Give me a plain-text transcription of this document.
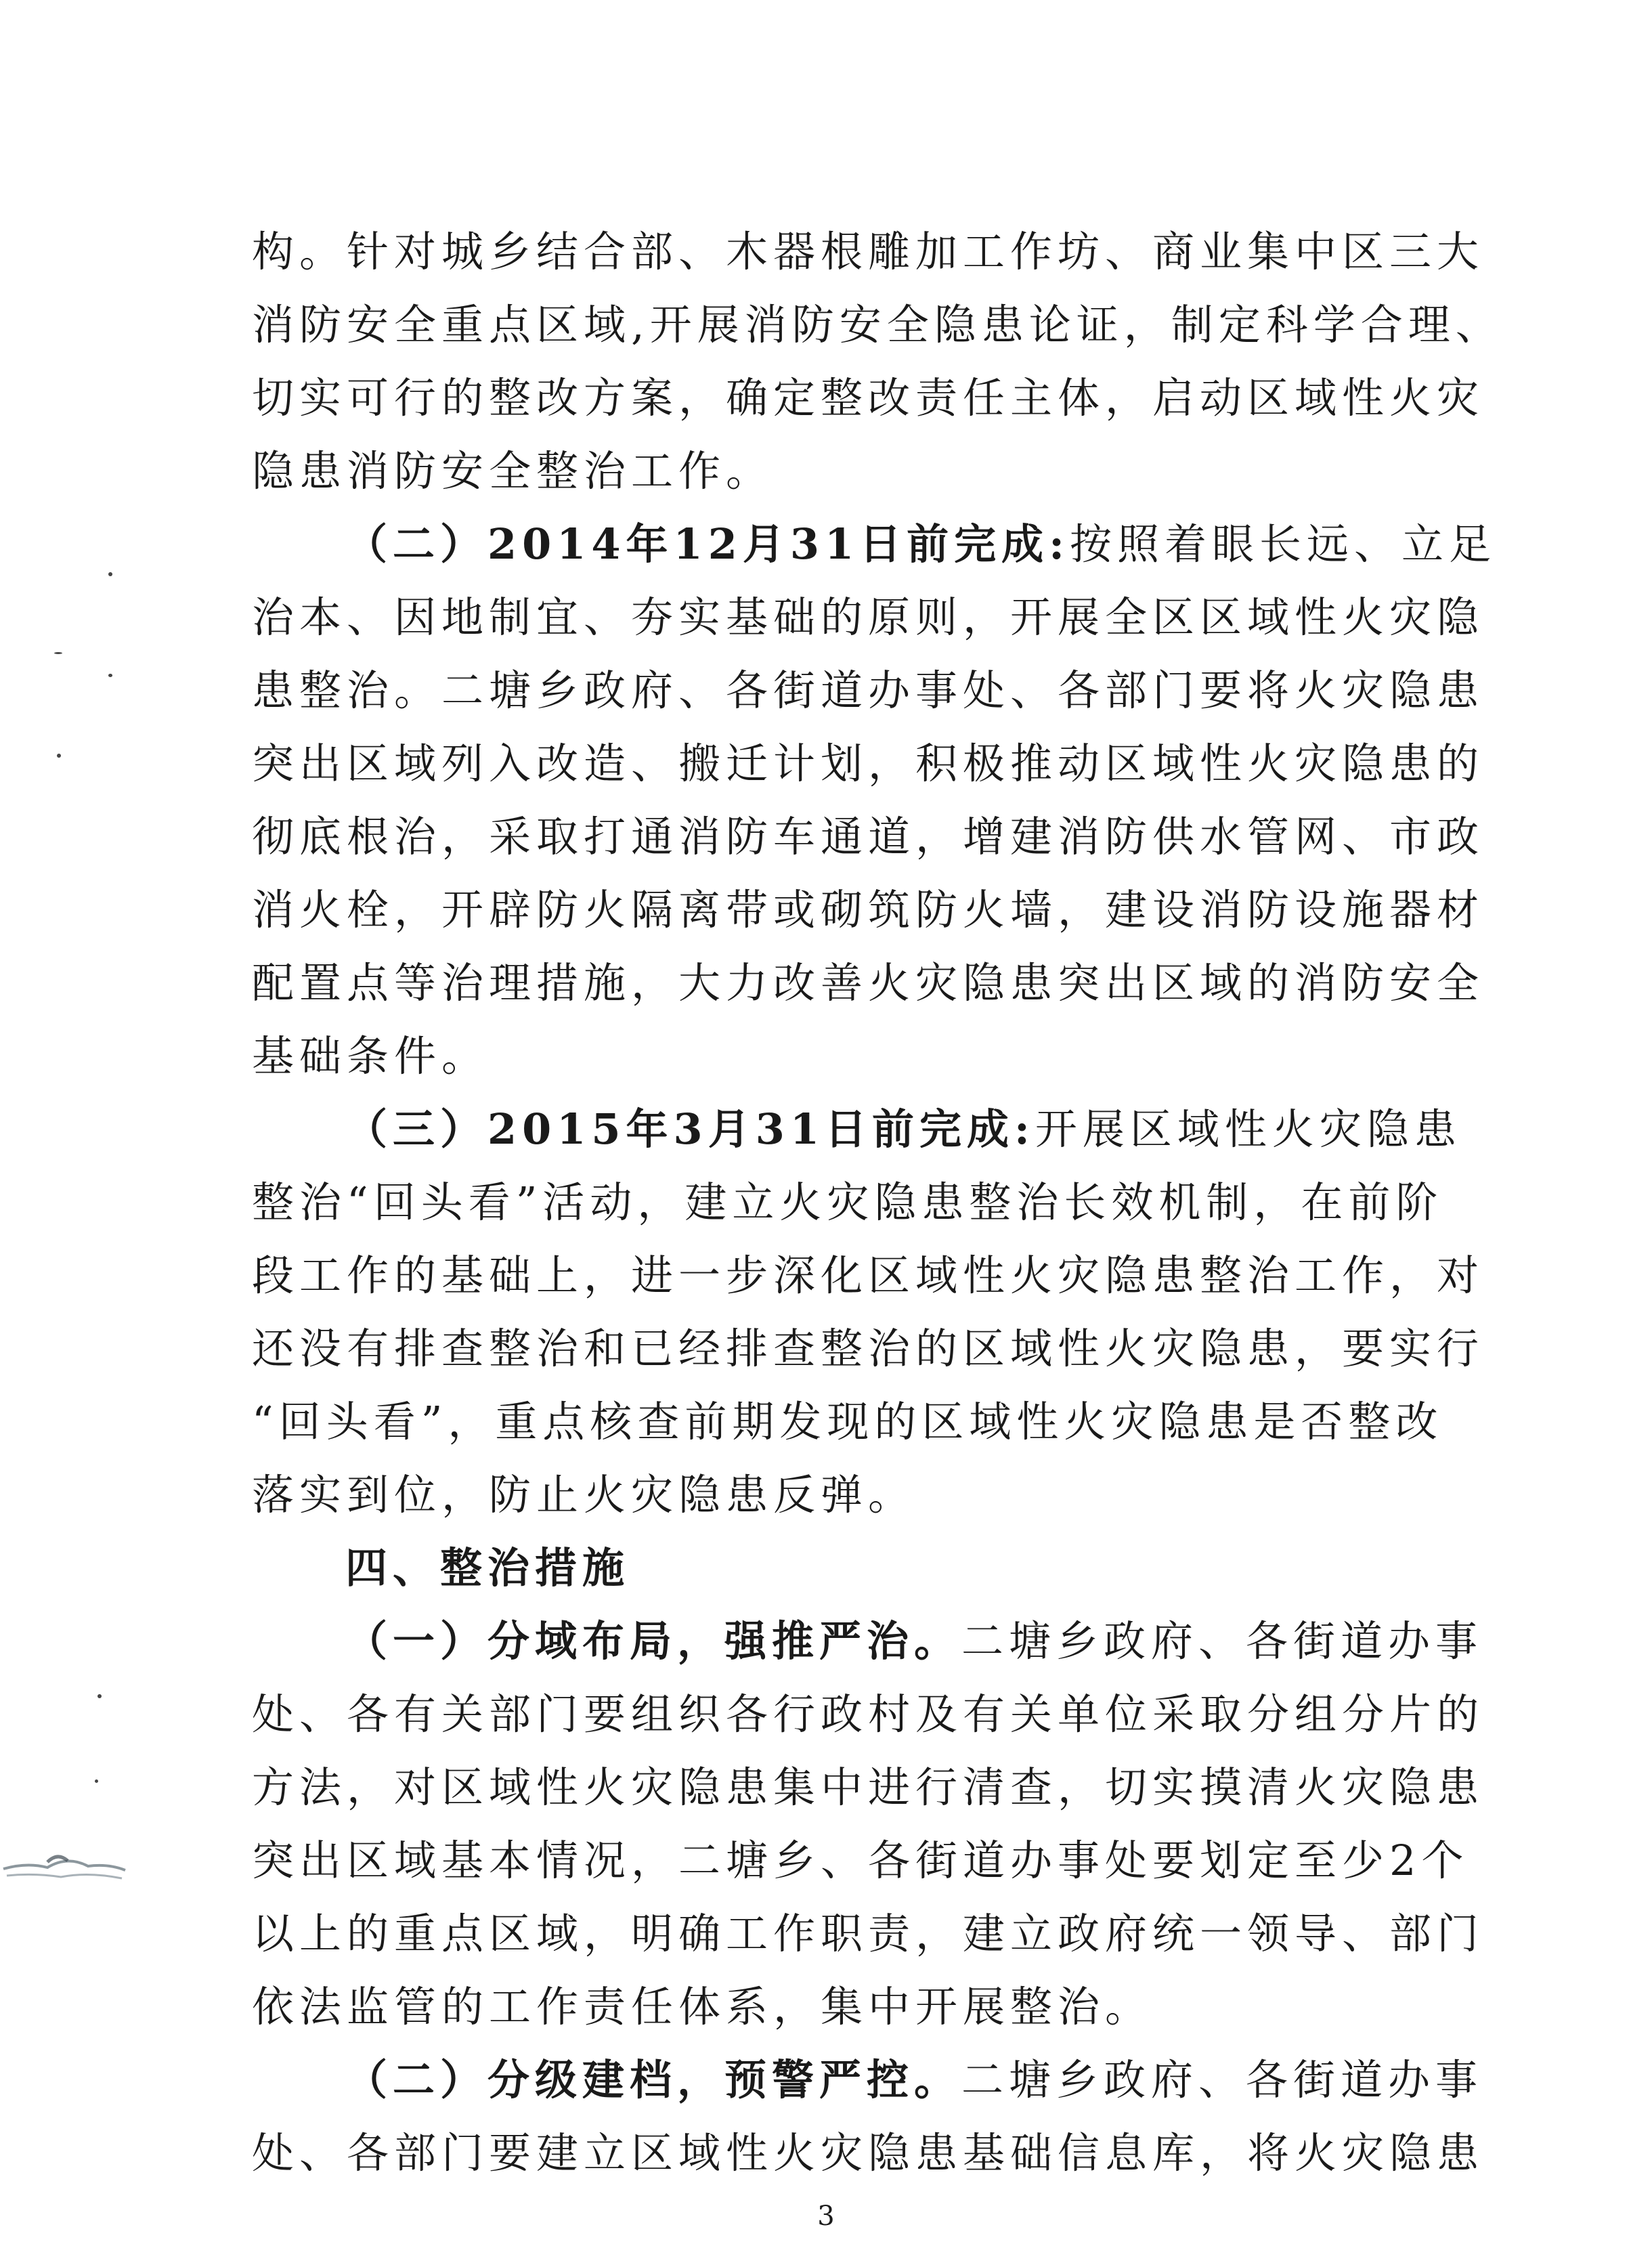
构。针对城乡结合部、木器根雕加工作坊、商业集中区三大
消防安全重点区域,开展消防安全隐患论证，制定科学合理、
切实可行的整改方案，确定整改责任主体，启动区域性火灾
隐患消防安全整治工作。
（二）2014年12月31日前完成:按照着眼长远、立足
治本、因地制宜、夯实基础的原则，开展全区区域性火灾隐
患整治。二塘乡政府、各街道办事处、各部门要将火灾隐患
突出区域列入改造、搬迁计划，积极推动区域性火灾隐患的
彻底根治，采取打通消防车通道，增建消防供水管网、市政
消火栓，开辟防火隔离带或砌筑防火墙，建设消防设施器材
配置点等治理措施，大力改善火灾隐患突出区域的消防安全
基础条件。
（三）2015年3月31日前完成:开展区域性火灾隐患
整治“回头看”活动，建立火灾隐患整治长效机制，在前阶
段工作的基础上，进一步深化区域性火灾隐患整治工作，对
还没有排查整治和已经排查整治的区域性火灾隐患，要实行
“回头看”，重点核查前期发现的区域性火灾隐患是否整改
落实到位，防止火灾隐患反弹。
四、整治措施
（一）分域布局，强推严治。二塘乡政府、各街道办事
处、各有关部门要组织各行政村及有关单位采取分组分片的
方法，对区域性火灾隐患集中进行清查，切实摸清火灾隐患
突出区域基本情况，二塘乡、各街道办事处要划定至少2个
以上的重点区域，明确工作职责，建立政府统一领导、部门
依法监管的工作责任体系，集中开展整治。
（二）分级建档，预警严控。二塘乡政府、各街道办事
处、各部门要建立区域性火灾隐患基础信息库，将火灾隐患
3
